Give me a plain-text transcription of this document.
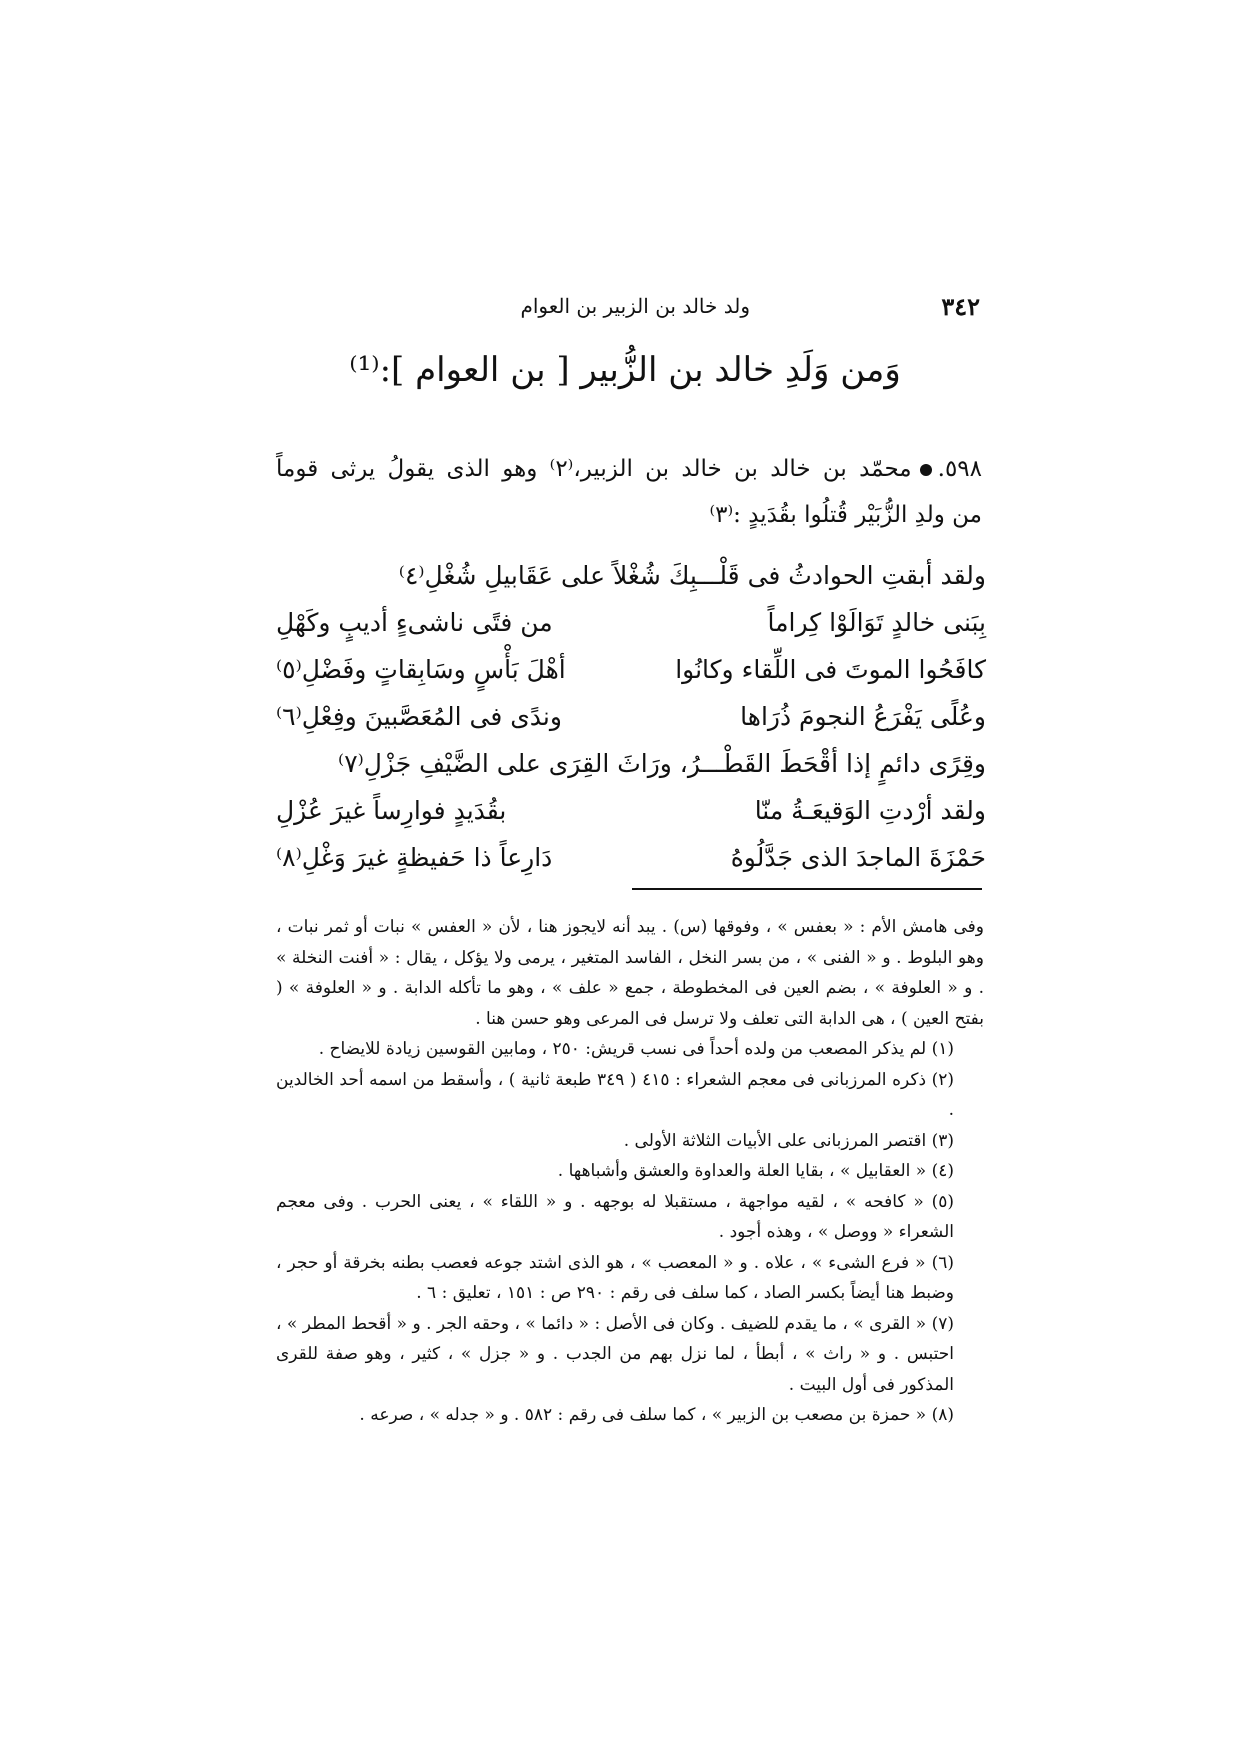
٣٤٢
ولد خالد بن الزبير بن العوام
وَمن وَلَدِ خالد بن الزُّبير [ بن العوام ]:⁽¹⁾

٥٩٨.محمّد بن خالد بن خالد بن الزبير،⁽٢⁾ وهو الذى يقولُ يرثى قوماً

من ولدِ الزُّبَيْر قُتلُوا بقُدَيدٍ :⁽٣⁾

ولقد أبقتِ الحوادثُ فى قَلْـــبِكَ شُغْلاً على عَقَابيلِ شُغْلِ⁽٤⁾
بِبَنى خالدٍ تَوَالَوْا كِراماً
من فتًى ناشىءٍ أديبٍ وكَهْلِ
كافَحُوا الموتَ فى اللِّقاء وكانُوا
أهْلَ بَأْسٍ وسَابِقاتٍ وفَضْلِ⁽٥⁾
وعُلًى يَفْرَعُ النجومَ ذُرَاها
وندًى فى المُعَصَّبينَ وفِعْلِ⁽٦⁾
وقِرًى دائمٍ إذا أقْحَطَ القَطْـــرُ، ورَاثَ القِرَى على الضَّيْفِ جَزْلِ⁽٧⁾
ولقد أرْدتِ الوَقيعَـةُ منّا
بقُدَيدٍ فوارِساً غيرَ عُزْلِ
حَمْزَةَ الماجدَ الذى جَدَّلُوهُ
دَارِعاً ذا حَفيظةٍ غيرَ وَغْلِ⁽٨⁾

وفى هامش الأم : « بعفس » ، وفوقها (س) . يبد أنه لايجوز هنا ، لأن « العفس » نبات أو ثمر نبات ، وهو البلوط . و « الفنى » ، من بسر النخل ، الفاسد المتغير ، يرمى ولا يؤكل ، يقال : « أفنت النخلة » . و « العلوفة » ، بضم العين فى المخطوطة ، جمع « علف » ، وهو ما تأكله الدابة . و « العلوفة » ( بفتح العين ) ، هى الدابة التى تعلف ولا ترسل فى المرعى وهو حسن هنا .

(١) لم يذكر المصعب من ولده أحداً فى نسب قريش: ٢٥٠ ، ومابين القوسين زيادة للايضاح .

(٢) ذكره المرزبانى فى معجم الشعراء : ٤١٥ ( ٣٤٩ طبعة ثانية ) ، وأسقط من اسمه أحد الخالدين .

(٣) اقتصر المرزبانى على الأبيات الثلاثة الأولى .

(٤) « العقابيل » ، بقايا العلة والعداوة والعشق وأشباهها .

(٥) « كافحه » ، لقيه مواجهة ، مستقبلا له بوجهه . و « اللقاء » ، يعنى الحرب . وفى معجم الشعراء « ووصل » ، وهذه أجود .

(٦) « فرع الشىء » ، علاه . و « المعصب » ، هو الذى اشتد جوعه فعصب بطنه بخرقة أو حجر ، وضبط هنا أيضاً بكسر الصاد ، كما سلف فى رقم : ٢٩٠ ص : ١٥١ ، تعليق : ٦ .

(٧) « القرى » ، ما يقدم للضيف . وكان فى الأصل : « دائما » ، وحقه الجر . و « أقحط المطر » ، احتبس . و « راث » ، أبطأ ، لما نزل بهم من الجدب . و « جزل » ، كثير ، وهو صفة للقرى المذكور فى أول البيت .

(٨) « حمزة بن مصعب بن الزبير » ، كما سلف فى رقم : ٥٨٢ . و « جدله » ، صرعه .
